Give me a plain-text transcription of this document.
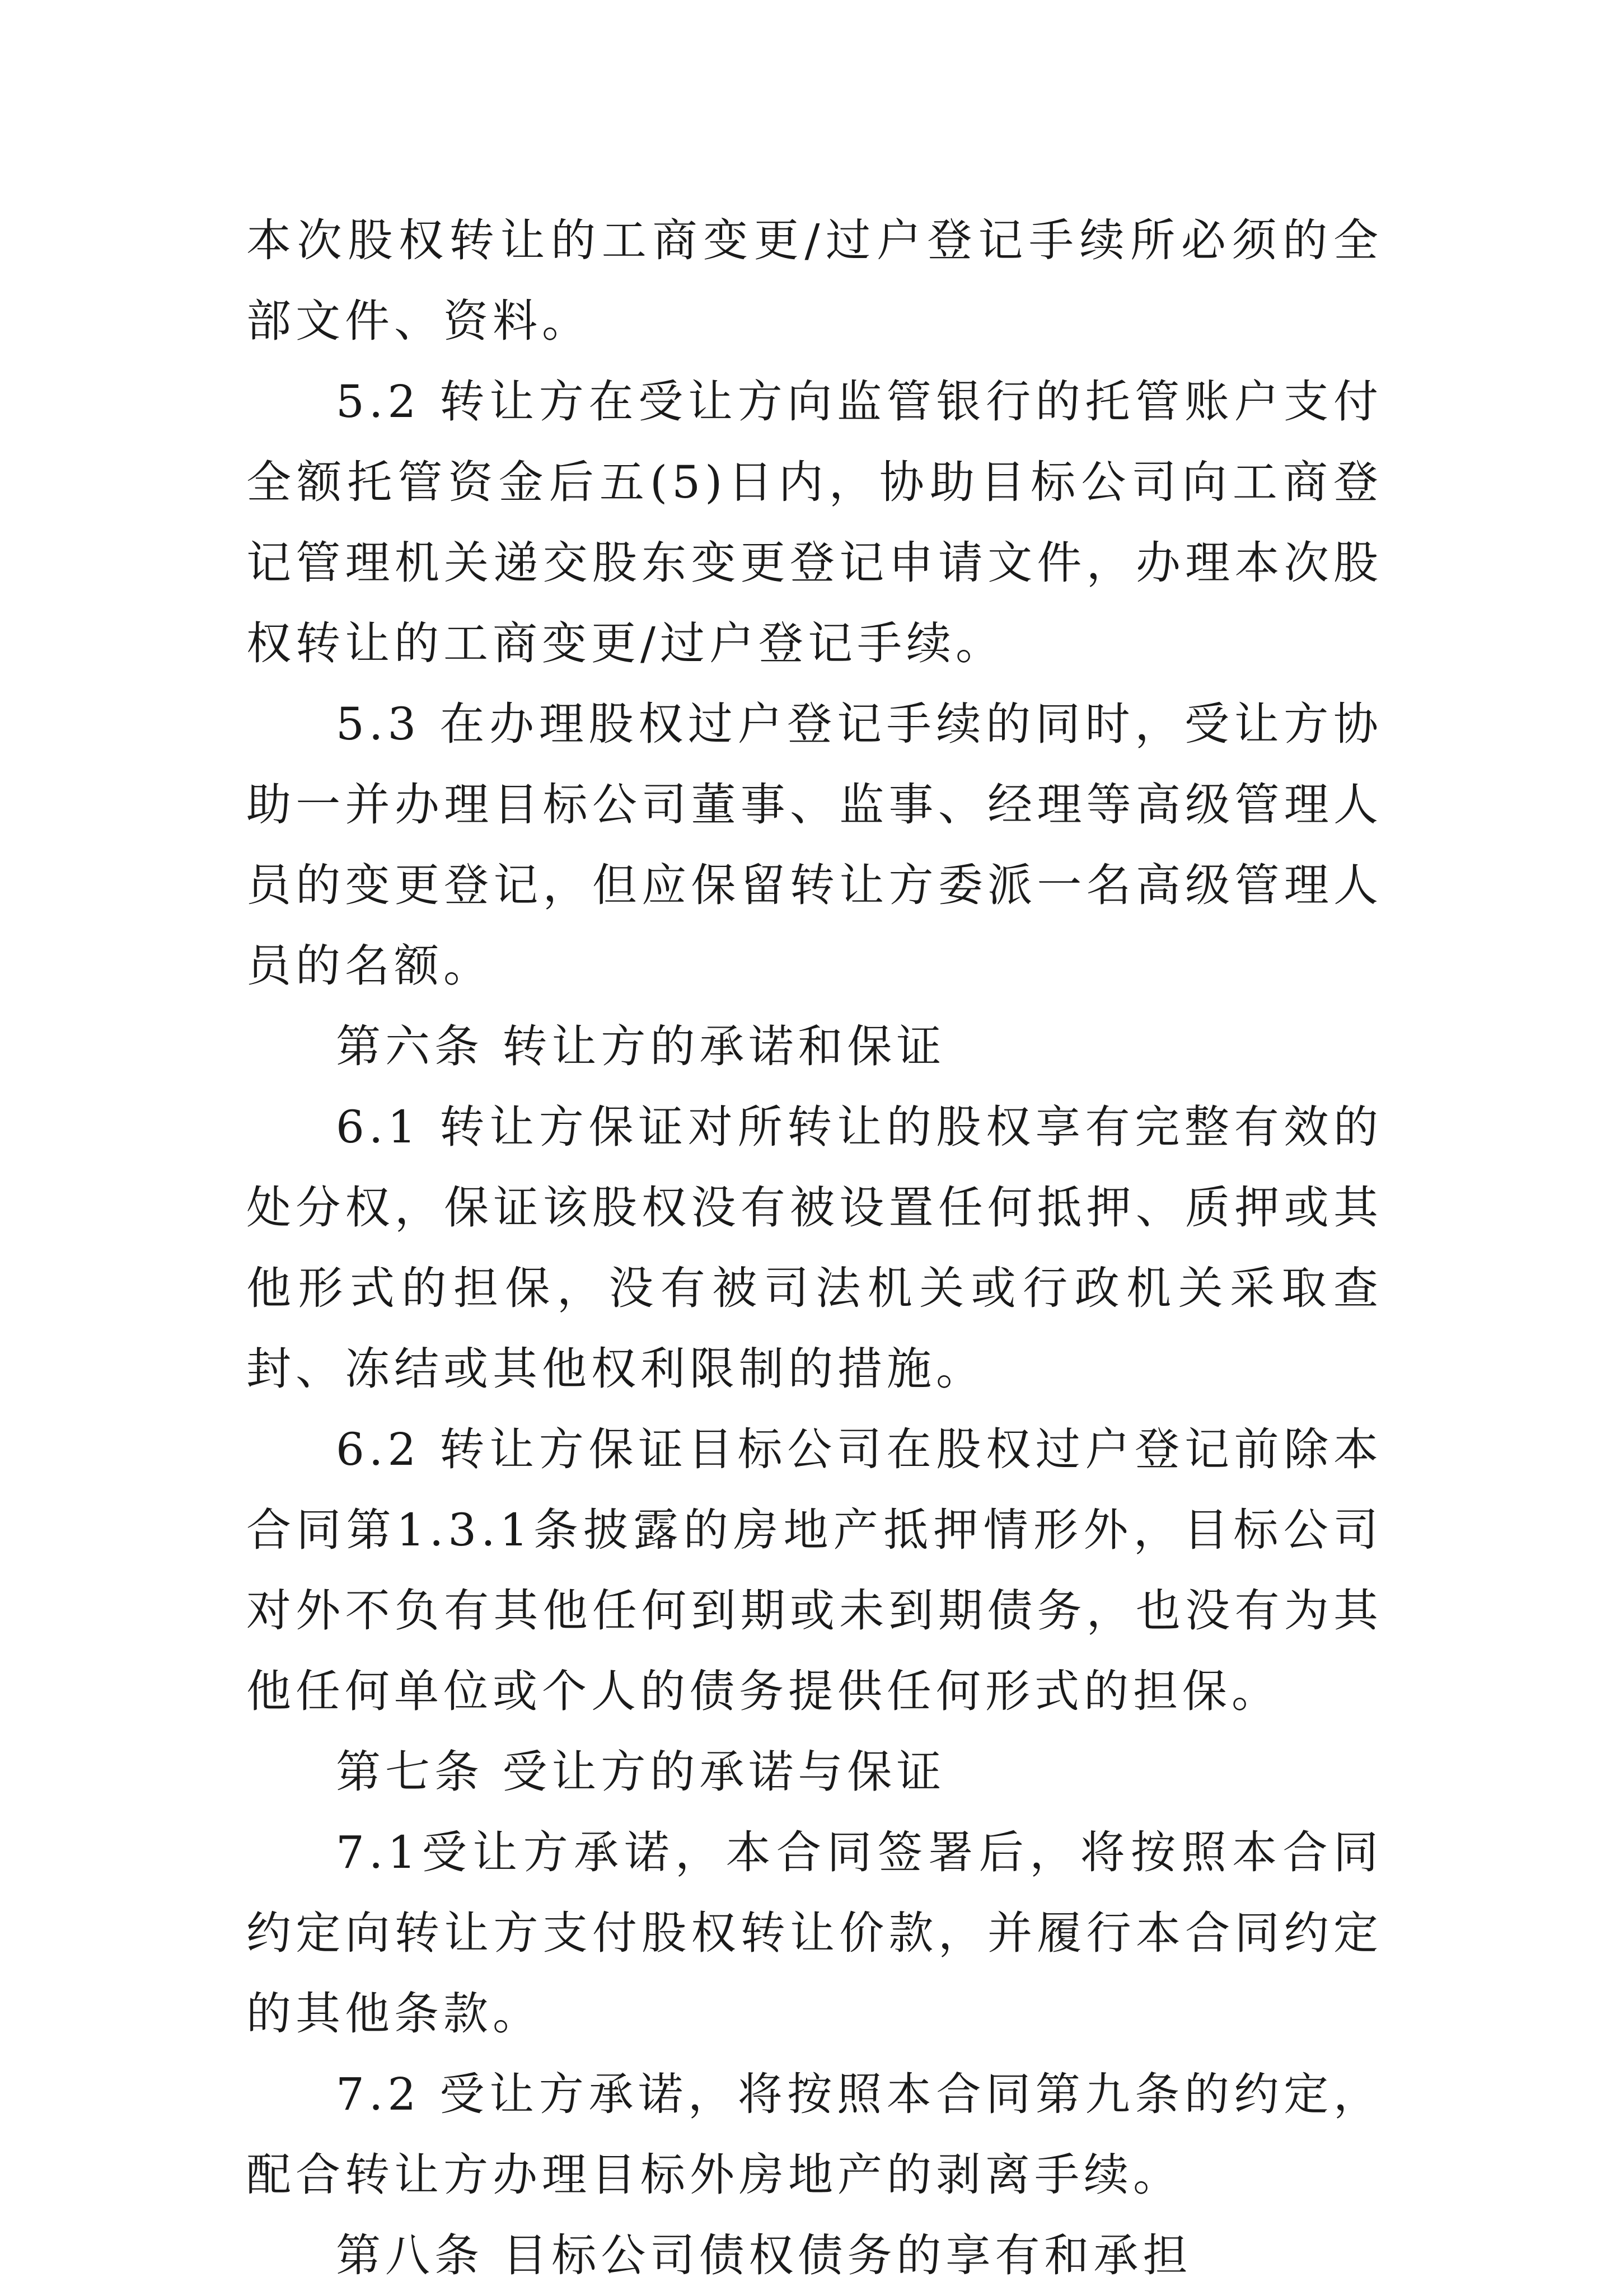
本次股权转让的工商变更/过户登记手续所必须的全部文件、资料。

5.2 转让方在受让方向监管银行的托管账户支付全额托管资金后五(5)日内，协助目标公司向工商登记管理机关递交股东变更登记申请文件，办理本次股权转让的工商变更/过户登记手续。

5.3 在办理股权过户登记手续的同时，受让方协助一并办理目标公司董事、监事、经理等高级管理人员的变更登记，但应保留转让方委派一名高级管理人员的名额。

第六条 转让方的承诺和保证

6.1 转让方保证对所转让的股权享有完整有效的处分权，保证该股权没有被设置任何抵押、质押或其他形式的担保，没有被司法机关或行政机关采取查封、冻结或其他权利限制的措施。

6.2 转让方保证目标公司在股权过户登记前除本合同第1.3.1条披露的房地产抵押情形外，目标公司对外不负有其他任何到期或未到期债务，也没有为其他任何单位或个人的债务提供任何形式的担保。

第七条 受让方的承诺与保证

7.1受让方承诺，本合同签署后，将按照本合同约定向转让方支付股权转让价款，并履行本合同约定的其他条款。

7.2 受让方承诺，将按照本合同第九条的约定，配合转让方办理目标外房地产的剥离手续。

第八条 目标公司债权债务的享有和承担
